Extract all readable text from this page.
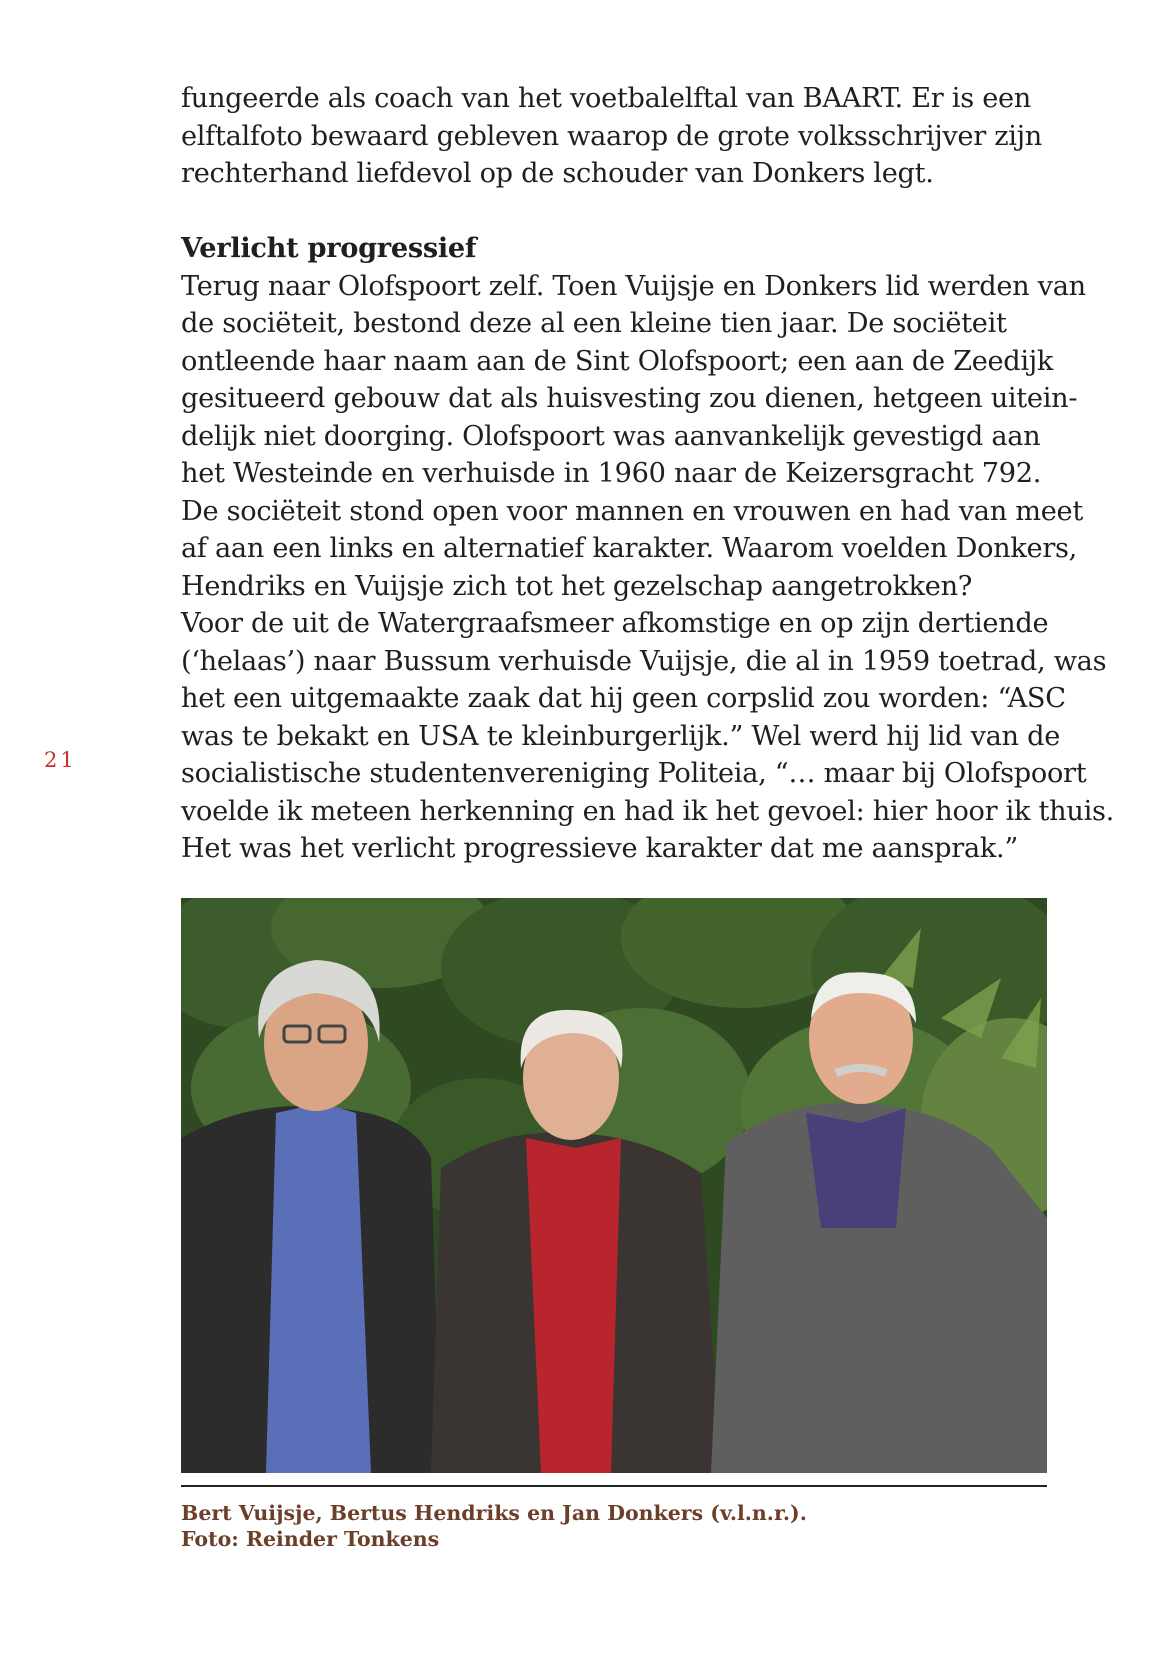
21

fungeerde als coach van het voetbalelftal van BAART. Er is een

elftalfoto bewaard gebleven waarop de grote volksschrijver zijn

rechterhand liefdevol op de schouder van Donkers legt.

Verlicht progressief

Terug naar Olofspoort zelf. Toen Vuijsje en Donkers lid werden van

de sociëteit, bestond deze al een kleine tien jaar. De sociëteit

ontleende haar naam aan de Sint Olofspoort; een aan de Zeedijk

gesitueerd gebouw dat als huisvesting zou dienen, hetgeen uitein-

delijk niet doorging. Olofspoort was aanvankelijk gevestigd aan

het Westeinde en verhuisde in 1960 naar de Keizersgracht 792.

De sociëteit stond open voor mannen en vrouwen en had van meet

af aan een links en alternatief karakter. Waarom voelden Donkers,

Hendriks en Vuijsje zich tot het gezelschap aangetrokken?

Voor de uit de Watergraafsmeer afkomstige en op zijn dertiende

(‘helaas’) naar Bussum verhuisde Vuijsje, die al in 1959 toetrad, was

het een uitgemaakte zaak dat hij geen corpslid zou worden: “ASC

was te bekakt en USA te kleinburgerlijk.” Wel werd hij lid van de

socialistische studentenvereniging Politeia, “… maar bij Olofspoort

voelde ik meteen herkenning en had ik het gevoel: hier hoor ik thuis.

Het was het verlicht progressieve karakter dat me aansprak.”

Bert Vuijsje, Bertus Hendriks en Jan Donkers (v.l.n.r.).
Foto: Reinder Tonkens
